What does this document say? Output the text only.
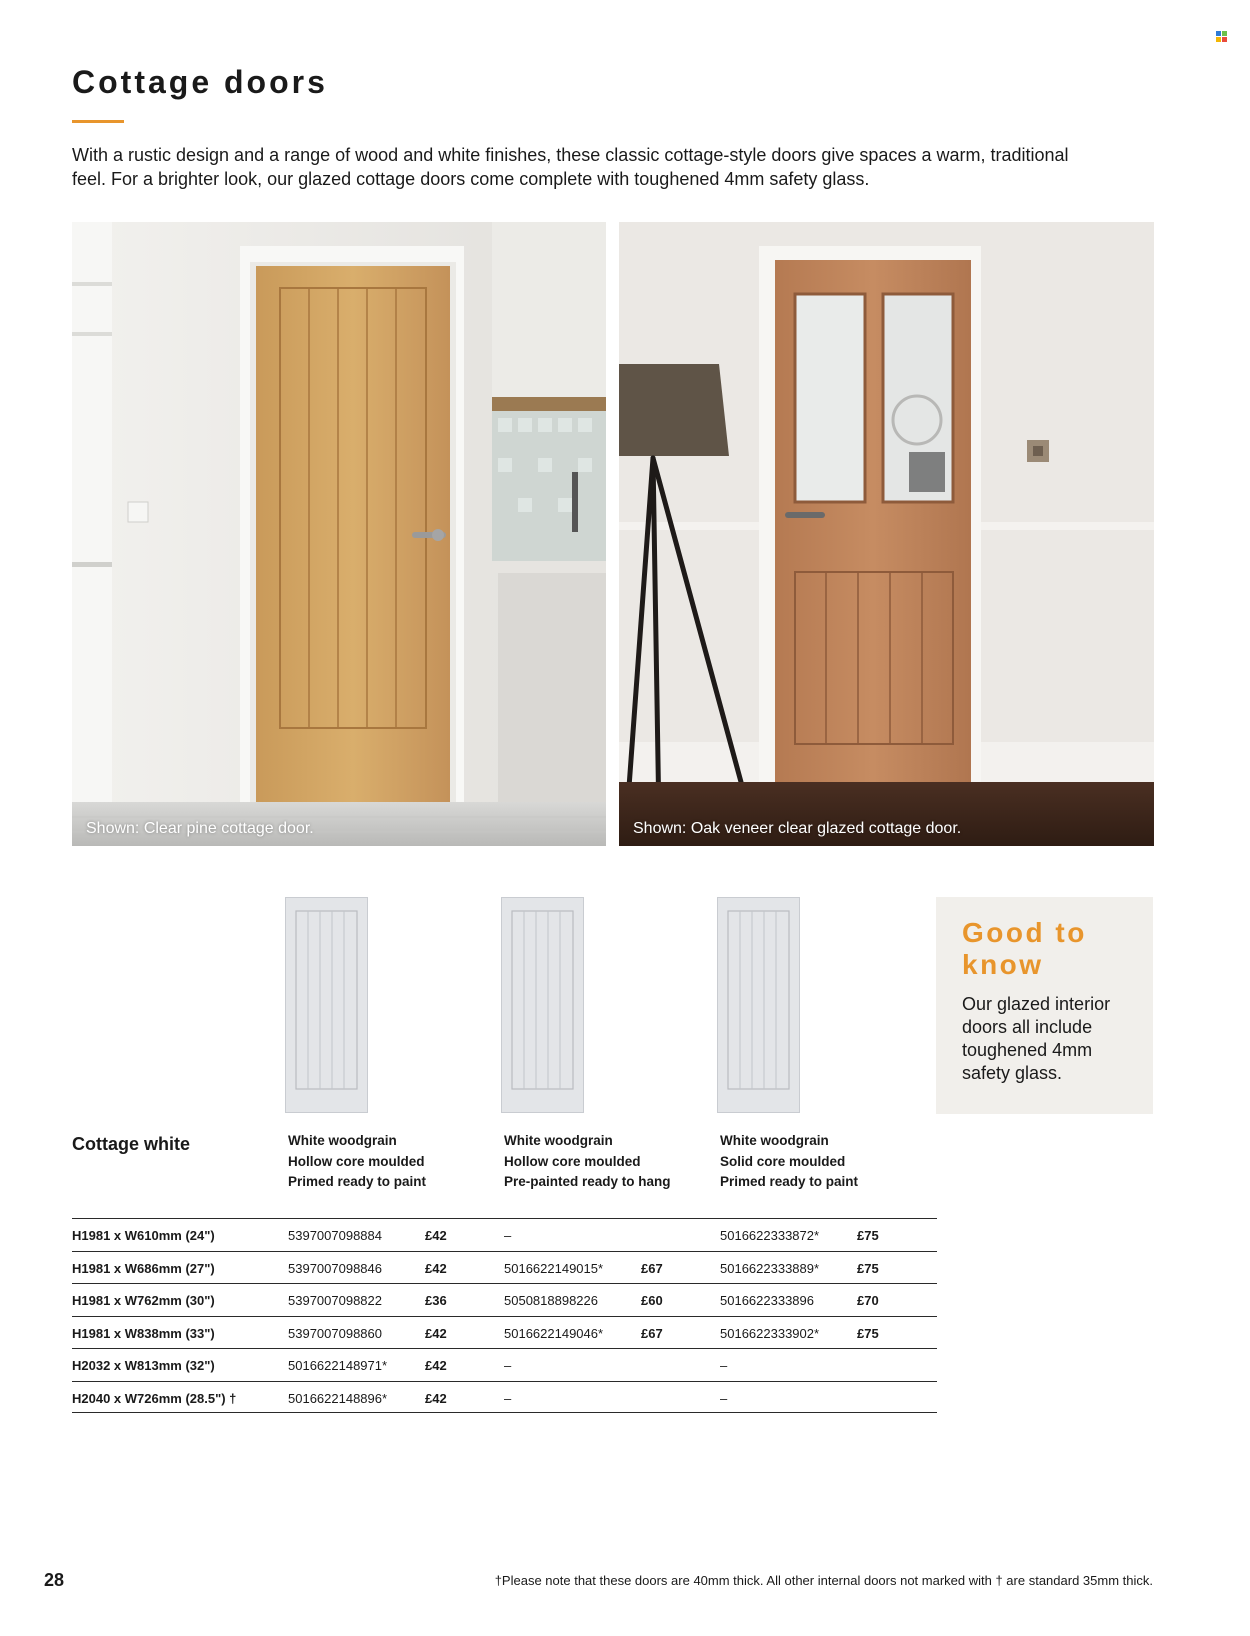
Cottage doors

With a rustic design and a range of wood and white finishes, these classic cottage-style doors give spaces a warm, traditional feel. For a brighter look, our glazed cottage doors come complete with toughened 4mm safety glass.

Shown: Clear pine cottage door.	Shown: Oak veneer clear glazed cottage door.
Good to know
Our glazed interior doors all include toughened 4mm safety glass.
Cottage white	White woodgrain
Hollow core moulded
Primed ready to paint
White woodgrain
Hollow core moulded
Pre-painted ready to hang
White woodgrain
Solid core moulded
Primed ready to paint
H1981 x W610mm (24")	5397007098884	£42	–	5016622333872*	£75
H1981 x W686mm (27")	5397007098846	£42	5016622149015*	£67	5016622333889*	£75
H1981 x W762mm (30")	5397007098822	£36	5050818898226	£60	5016622333896	£70
H1981 x W838mm (33")	5397007098860	£42	5016622149046*	£67	5016622333902*	£75
H2032 x W813mm (32")	5016622148971*	£42	–	–
H2040 x W726mm (28.5") †	5016622148896*	£42	–	–
28	†Please note that these doors are 40mm thick. All other internal doors not marked with † are standard 35mm thick.
